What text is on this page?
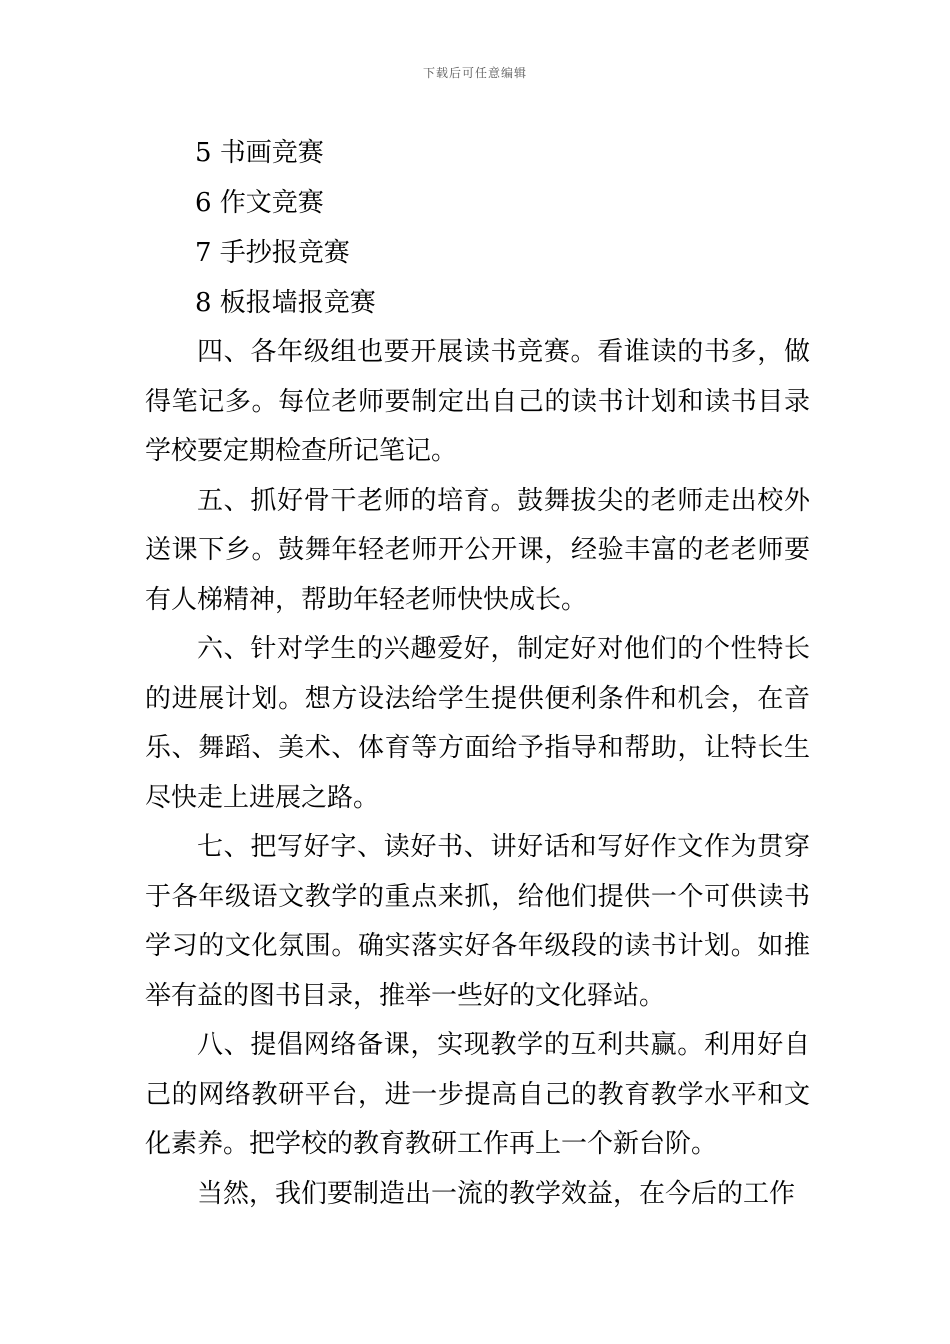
下载后可任意编辑

5 书画竞赛

6 作文竞赛

7 手抄报竞赛

8 板报墙报竞赛

四、各年级组也要开展读书竞赛。看谁读的书多，做得笔记多。每位老师要制定出自己的读书计划和读书目录学校要定期检查所记笔记。

五、抓好骨干老师的培育。鼓舞拔尖的老师走出校外送课下乡。鼓舞年轻老师开公开课，经验丰富的老老师要有人梯精神，帮助年轻老师快快成长。

六、针对学生的兴趣爱好，制定好对他们的个性特长的进展计划。想方设法给学生提供便利条件和机会，在音乐、舞蹈、美术、体育等方面给予指导和帮助，让特长生尽快走上进展之路。

七、把写好字、读好书、讲好话和写好作文作为贯穿于各年级语文教学的重点来抓，给他们提供一个可供读书学习的文化氛围。确实落实好各年级段的读书计划。如推举有益的图书目录，推举一些好的文化驿站。

八、提倡网络备课，实现教学的互利共赢。利用好自己的网络教研平台，进一步提高自己的教育教学水平和文化素养。把学校的教育教研工作再上一个新台阶。

当然，我们要制造出一流的教学效益，在今后的工作
